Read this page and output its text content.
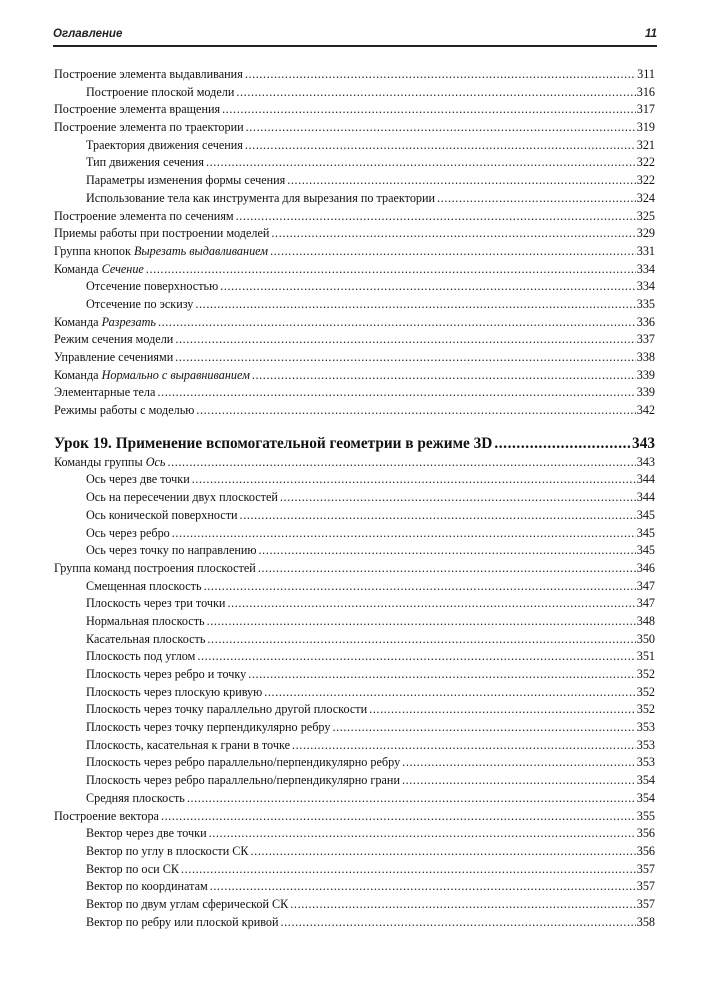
Оглавление	11
Построение элемента выдавливания .....	311
Построение плоской модели .....	316
Построение элемента вращения .....	317
Построение элемента по траектории .....	319
Траектория движения сечения .....	321
Тип движения сечения .....	322
Параметры изменения формы сечения .....	322
Использование тела как инструмента для вырезания по траектории .....	324
Построение элемента по сечениям .....	325
Приемы работы при построении моделей .....	329
Группа кнопок Вырезать выдавливанием .....	331
Команда Сечение .....	334
Отсечение поверхностью .....	334
Отсечение по эскизу .....	335
Команда Разрезать .....	336
Режим сечения модели .....	337
Управление сечениями .....	338
Команда Нормально с выравниванием .....	339
Элементарные тела .....	339
Режимы работы с моделью .....	342
Урок 19. Применение вспомогательной геометрии в режиме 3D .....	343
Команды группы Ось .....	343
Ось через две точки .....	344
Ось на пересечении двух плоскостей .....	344
Ось конической поверхности .....	345
Ось через ребро .....	345
Ось через точку по направлению .....	345
Группа команд построения плоскостей .....	346
Смещенная плоскость .....	347
Плоскость через три точки .....	347
Нормальная плоскость .....	348
Касательная плоскость .....	350
Плоскость под углом .....	351
Плоскость через ребро и точку .....	352
Плоскость через плоскую кривую .....	352
Плоскость через точку параллельно другой плоскости .....	352
Плоскость через точку перпендикулярно ребру .....	353
Плоскость, касательная к грани в точке .....	353
Плоскость через ребро параллельно/перпендикулярно ребру .....	353
Плоскость через ребро параллельно/перпендикулярно грани .....	354
Средняя плоскость .....	354
Построение вектора .....	355
Вектор через две точки .....	356
Вектор по углу в плоскости СК .....	356
Вектор по оси СК .....	357
Вектор по координатам .....	357
Вектор по двум углам сферической СК .....	357
Вектор по ребру или плоской кривой .....	358
